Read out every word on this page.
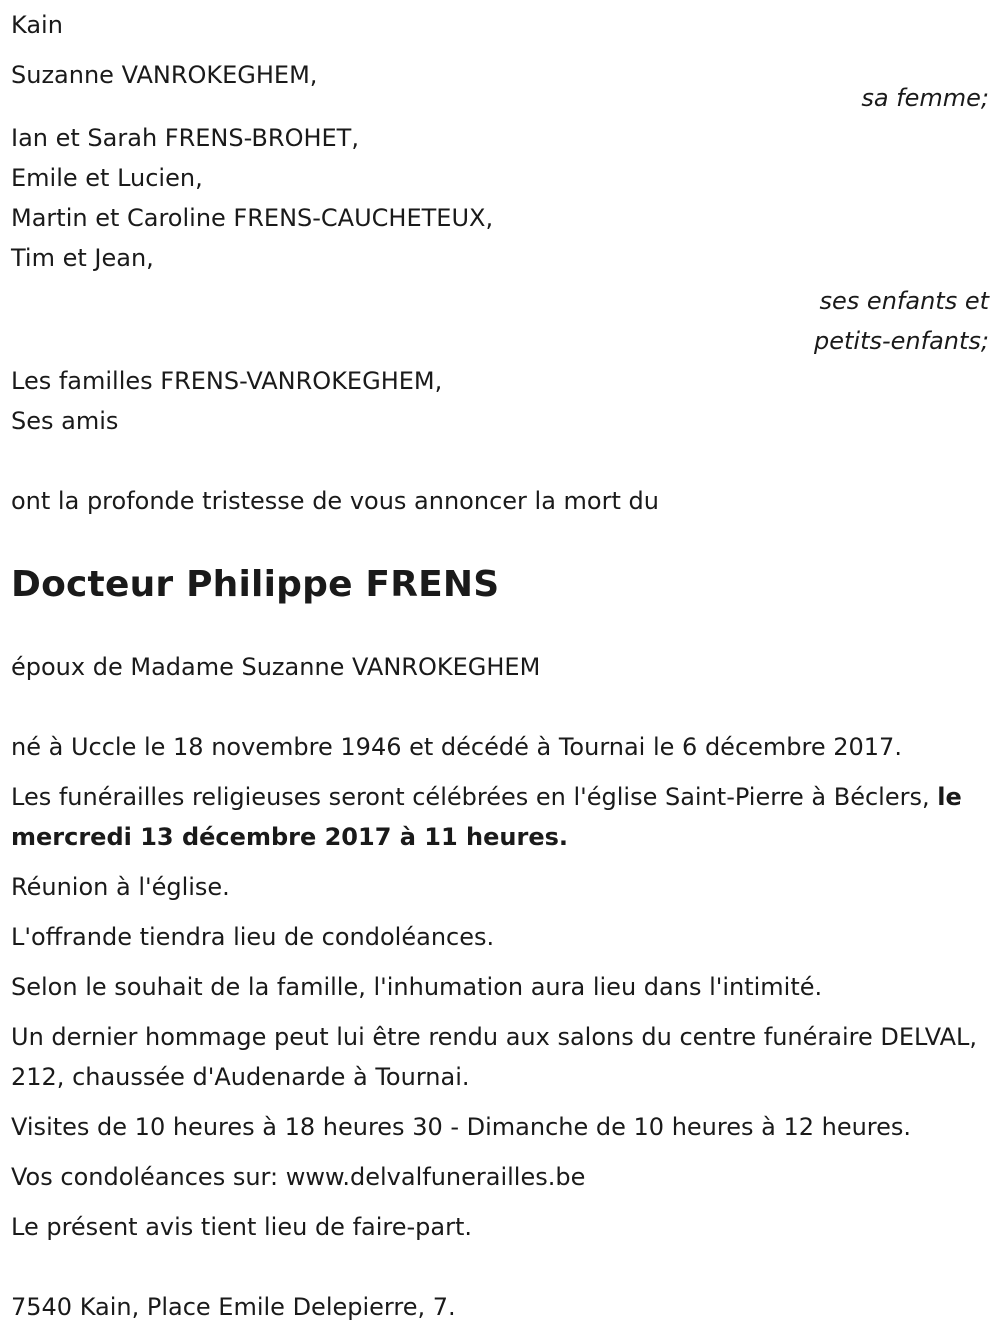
Kain
Suzanne VANROKEGHEM,
sa femme;
Ian et Sarah FRENS-BROHET,
Emile et Lucien,
Martin et Caroline FRENS-CAUCHETEUX,
Tim et Jean,
ses enfants et
petits-enfants;
Les familles FRENS-VANROKEGHEM,
Ses amis
ont la profonde tristesse de vous annoncer la mort du
Docteur Philippe FRENS
époux de Madame Suzanne VANROKEGHEM
né à Uccle le 18 novembre 1946 et décédé à Tournai le 6 décembre 2017.
Les funérailles religieuses seront célébrées en l'église Saint-Pierre à Béclers, le mercredi 13 décembre 2017 à 11 heures.
Réunion à l'église.
L'offrande tiendra lieu de condoléances.
Selon le souhait de la famille, l'inhumation aura lieu dans l'intimité.
Un dernier hommage peut lui être rendu aux salons du centre funéraire DELVAL, 212, chaussée d'Audenarde à Tournai.
Visites de 10 heures à 18 heures 30 - Dimanche de 10 heures à 12 heures.
Vos condoléances sur: www.delvalfunerailles.be
Le présent avis tient lieu de faire-part.
7540 Kain, Place Emile Delepierre, 7.
